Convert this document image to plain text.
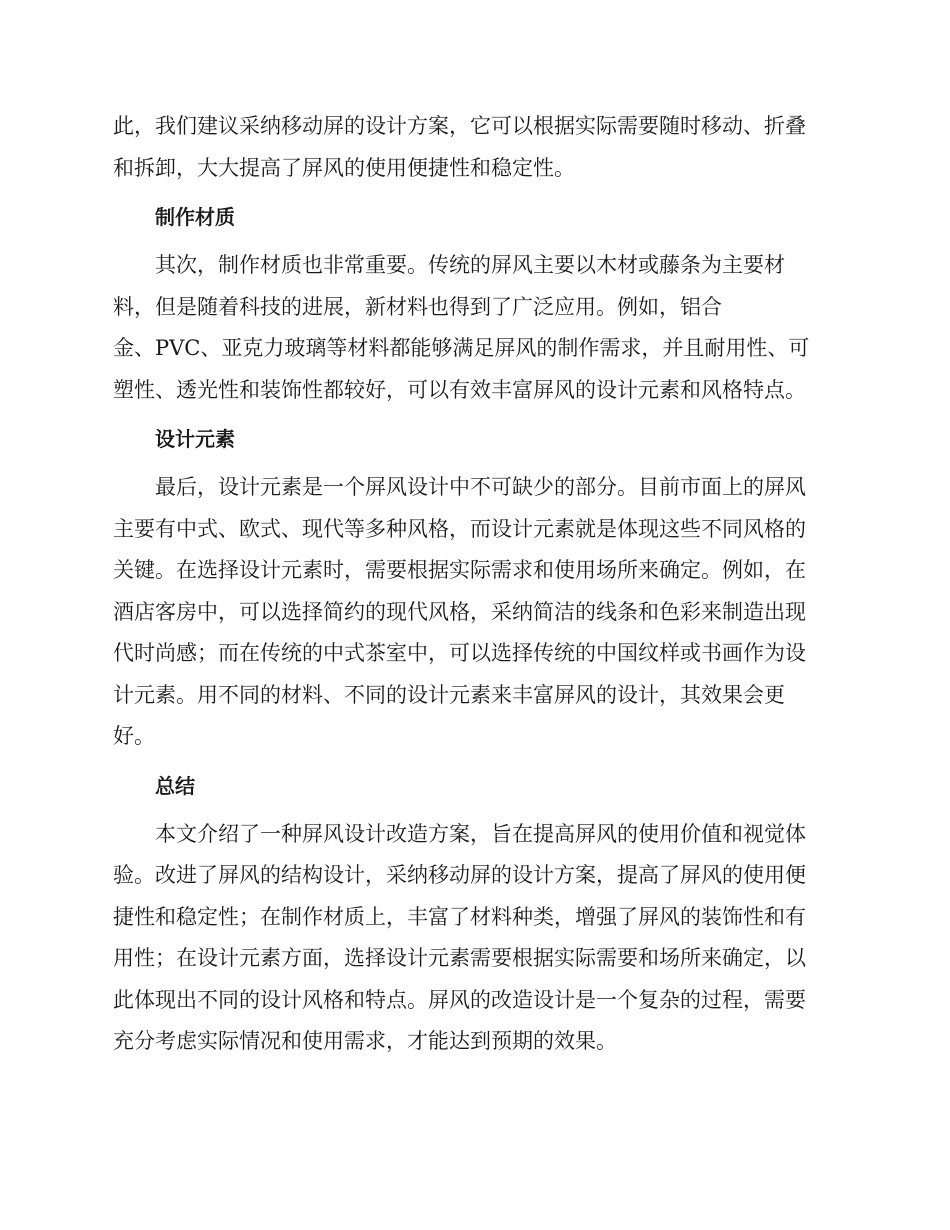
此，我们建议采纳移动屏的设计方案，它可以根据实际需要随时移动、折叠
和拆卸，大大提高了屏风的使用便捷性和稳定性。

制作材质

其次，制作材质也非常重要。传统的屏风主要以木材或藤条为主要材
料，但是随着科技的进展，新材料也得到了广泛应用。例如，铝合
金、PVC、亚克力玻璃等材料都能够满足屏风的制作需求，并且耐用性、可
塑性、透光性和装饰性都较好，可以有效丰富屏风的设计元素和风格特点。

设计元素

最后，设计元素是一个屏风设计中不可缺少的部分。目前市面上的屏风
主要有中式、欧式、现代等多种风格，而设计元素就是体现这些不同风格的
关键。在选择设计元素时，需要根据实际需求和使用场所来确定。例如，在
酒店客房中，可以选择简约的现代风格，采纳简洁的线条和色彩来制造出现
代时尚感；而在传统的中式茶室中，可以选择传统的中国纹样或书画作为设
计元素。用不同的材料、不同的设计元素来丰富屏风的设计，其效果会更
好。

总结

本文介绍了一种屏风设计改造方案，旨在提高屏风的使用价值和视觉体
验。改进了屏风的结构设计，采纳移动屏的设计方案，提高了屏风的使用便
捷性和稳定性；在制作材质上，丰富了材料种类，增强了屏风的装饰性和有
用性；在设计元素方面，选择设计元素需要根据实际需要和场所来确定，以
此体现出不同的设计风格和特点。屏风的改造设计是一个复杂的过程，需要
充分考虑实际情况和使用需求，才能达到预期的效果。
